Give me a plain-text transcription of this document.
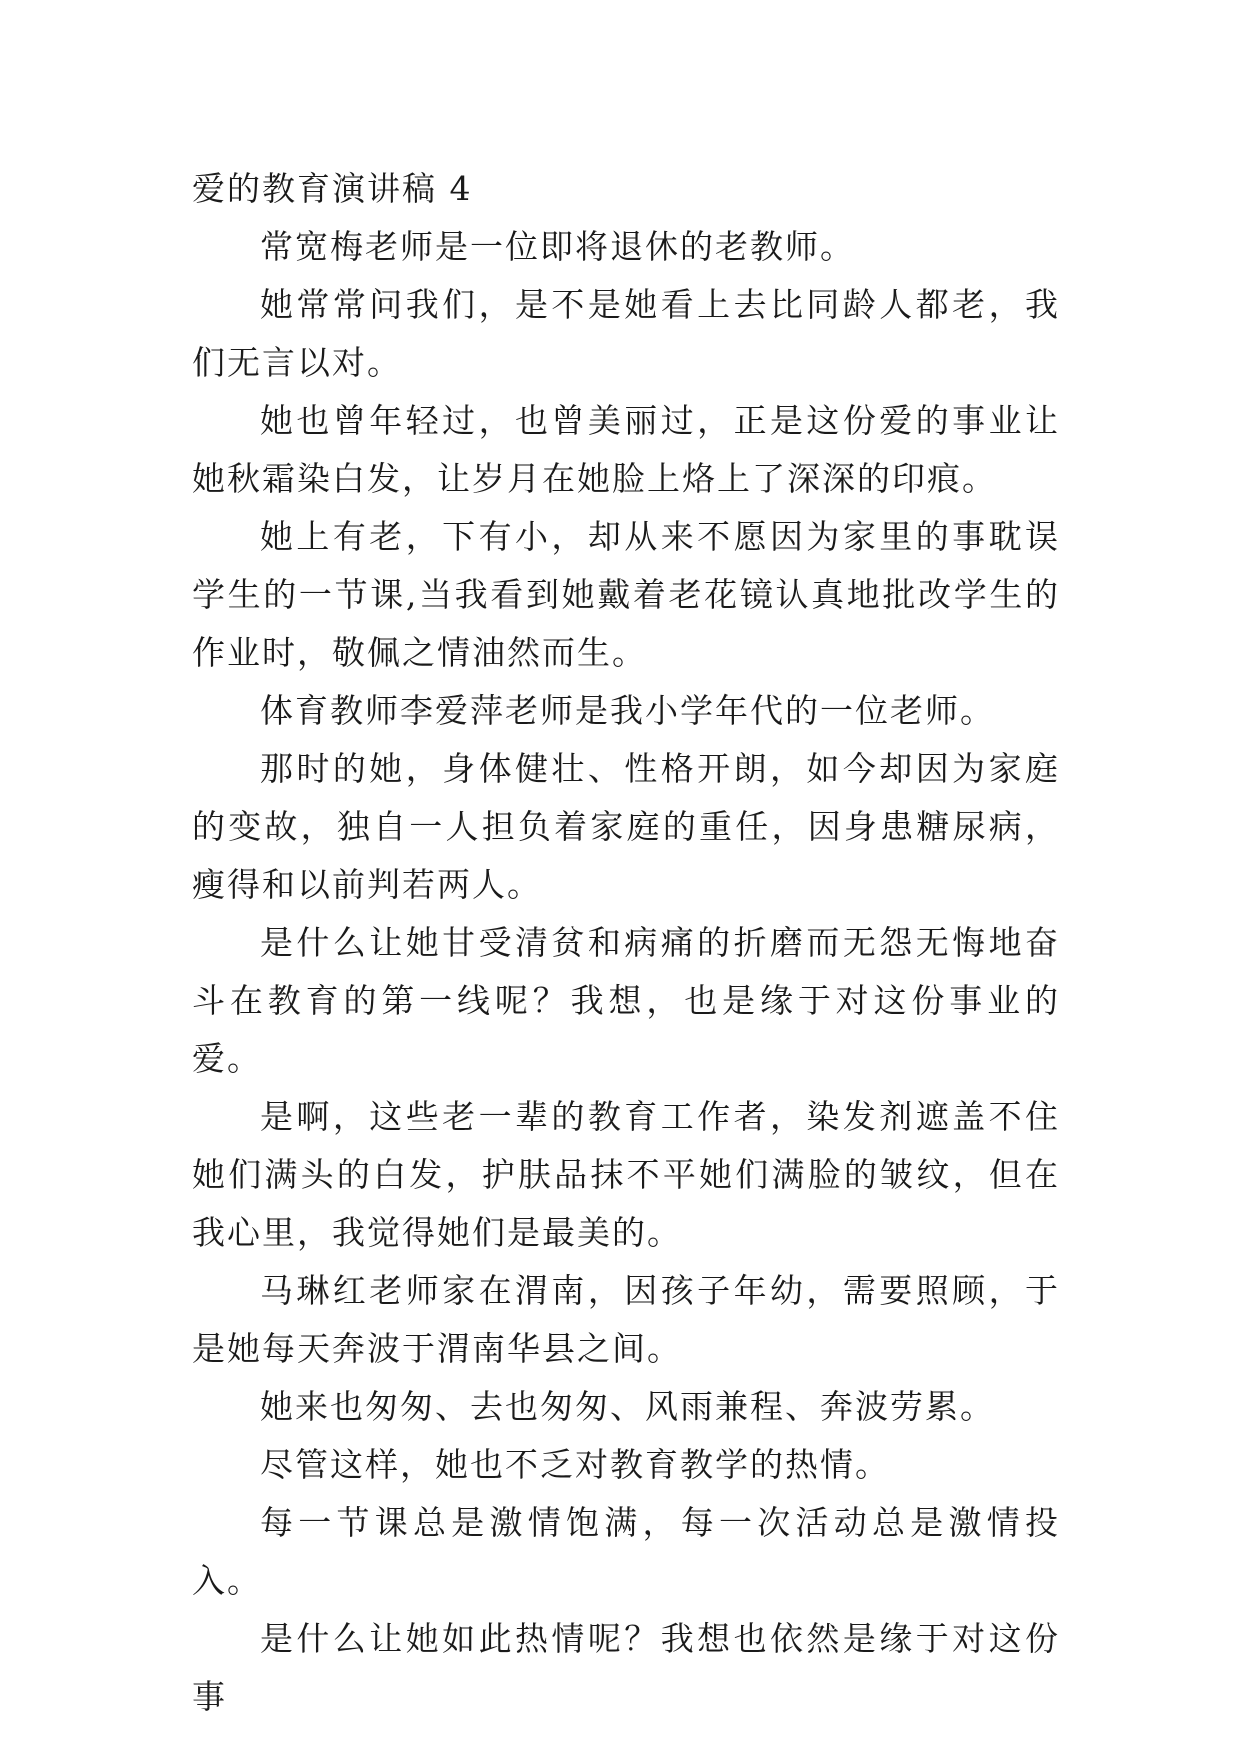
爱的教育演讲稿 4

常宽梅老师是一位即将退休的老教师。

她常常问我们，是不是她看上去比同龄人都老，我们无言以对。

她也曾年轻过，也曾美丽过，正是这份爱的事业让她秋霜染白发，让岁月在她脸上烙上了深深的印痕。

她上有老，下有小，却从来不愿因为家里的事耽误学生的一节课,当我看到她戴着老花镜认真地批改学生的作业时，敬佩之情油然而生。

体育教师李爱萍老师是我小学年代的一位老师。

那时的她，身体健壮、性格开朗，如今却因为家庭的变故，独自一人担负着家庭的重任，因身患糖尿病，瘦得和以前判若两人。

是什么让她甘受清贫和病痛的折磨而无怨无悔地奋斗在教育的第一线呢？我想，也是缘于对这份事业的爱。

是啊，这些老一辈的教育工作者，染发剂遮盖不住她们满头的白发，护肤品抹不平她们满脸的皱纹，但在我心里，我觉得她们是最美的。

马琳红老师家在渭南，因孩子年幼，需要照顾，于是她每天奔波于渭南华县之间。

她来也匆匆、去也匆匆、风雨兼程、奔波劳累。

尽管这样，她也不乏对教育教学的热情。

每一节课总是激情饱满，每一次活动总是激情投入。

是什么让她如此热情呢？我想也依然是缘于对这份事
